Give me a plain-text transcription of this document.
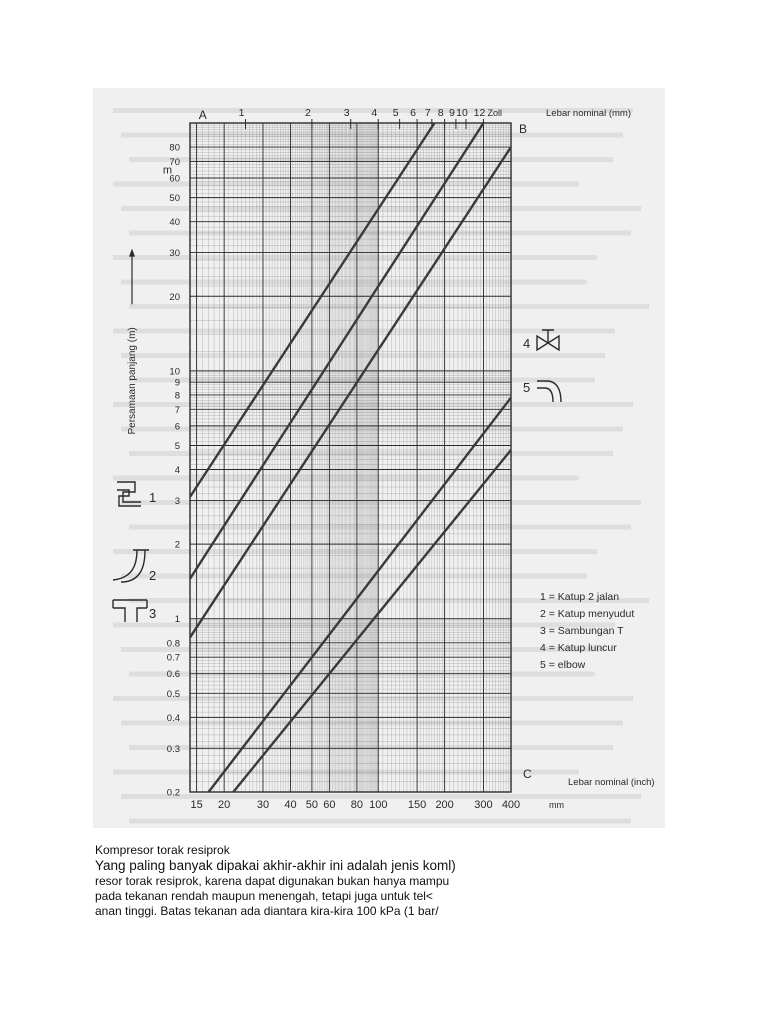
15 20 30 40 50 60 80 100 150 200 300 400	mm
1	2	3 4 5 6 7 8 9 10 12 Zoll	Lebar nominal (mm)
Lebar nominal (inch)
0.2
0.3
0.4
0.5
0.6
0.7
0.8
1
2
3
4
5
6
7
8
9
10
20
30
40
50
60
70
80
m
Persamaan panjang (m)
A
B
C
1
2
3
4
5
1 = Katup 2 jalan
2 = Katup menyudut
3 = Sambungan T
4 = Katup luncur
5 = elbow
Kompresor torak resiprok
Yang paling banyak dipakai akhir-akhir ini adalah jenis koml)
resor torak resiprok, karena dapat digunakan bukan hanya mampu
pada tekanan rendah maupun menengah, tetapi juga untuk tel<
anan tinggi. Batas tekanan ada diantara kira-kira 100 kPa (1 bar/
